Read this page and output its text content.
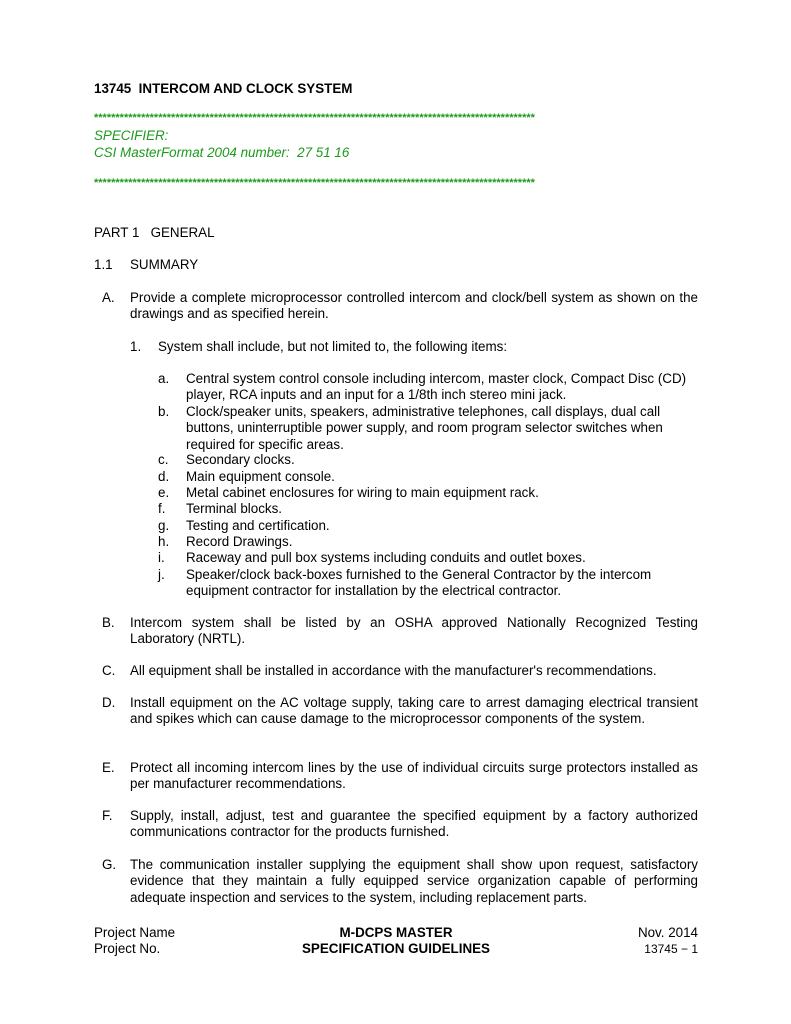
13745  INTERCOM AND CLOCK SYSTEM
*******************************************************************************************************
SPECIFIER:
CSI MasterFormat 2004 number:  27 51 16
*******************************************************************************************************
PART 1   GENERAL
1.1 SUMMARY
A. Provide a complete microprocessor controlled intercom and clock/bell system as shown on the drawings and as specified herein.
1. System shall include, but not limited to, the following items:
a. Central system control console including intercom, master clock, Compact Disc (CD) player, RCA inputs and an input for a 1/8th inch stereo mini jack.
b. Clock/speaker units, speakers, administrative telephones, call displays, dual call buttons, uninterruptible power supply, and room program selector switches when required for specific areas.
c. Secondary clocks.
d. Main equipment console.
e. Metal cabinet enclosures for wiring to main equipment rack.
f. Terminal blocks.
g. Testing and certification.
h. Record Drawings.
i. Raceway and pull box systems including conduits and outlet boxes.
j. Speaker/clock back-boxes furnished to the General Contractor by the intercom equipment contractor for installation by the electrical contractor.
B. Intercom system shall be listed by an OSHA approved Nationally Recognized Testing Laboratory (NRTL).
C. All equipment shall be installed in accordance with the manufacturer's recommendations.
D. Install equipment on the AC voltage supply, taking care to arrest damaging electrical transient and spikes which can cause damage to the microprocessor components of the system.
E. Protect all incoming intercom lines by the use of individual circuits surge protectors installed as per manufacturer recommendations.
F. Supply, install, adjust, test and guarantee the specified equipment by a factory authorized communications contractor for the products furnished.
G. The communication installer supplying the equipment shall show upon request, satisfactory evidence that they maintain a fully equipped service organization capable of performing adequate inspection and services to the system, including replacement parts.
Project Name
Project No.
M-DCPS MASTER
SPECIFICATION GUIDELINES
Nov. 2014
13745 − 1
